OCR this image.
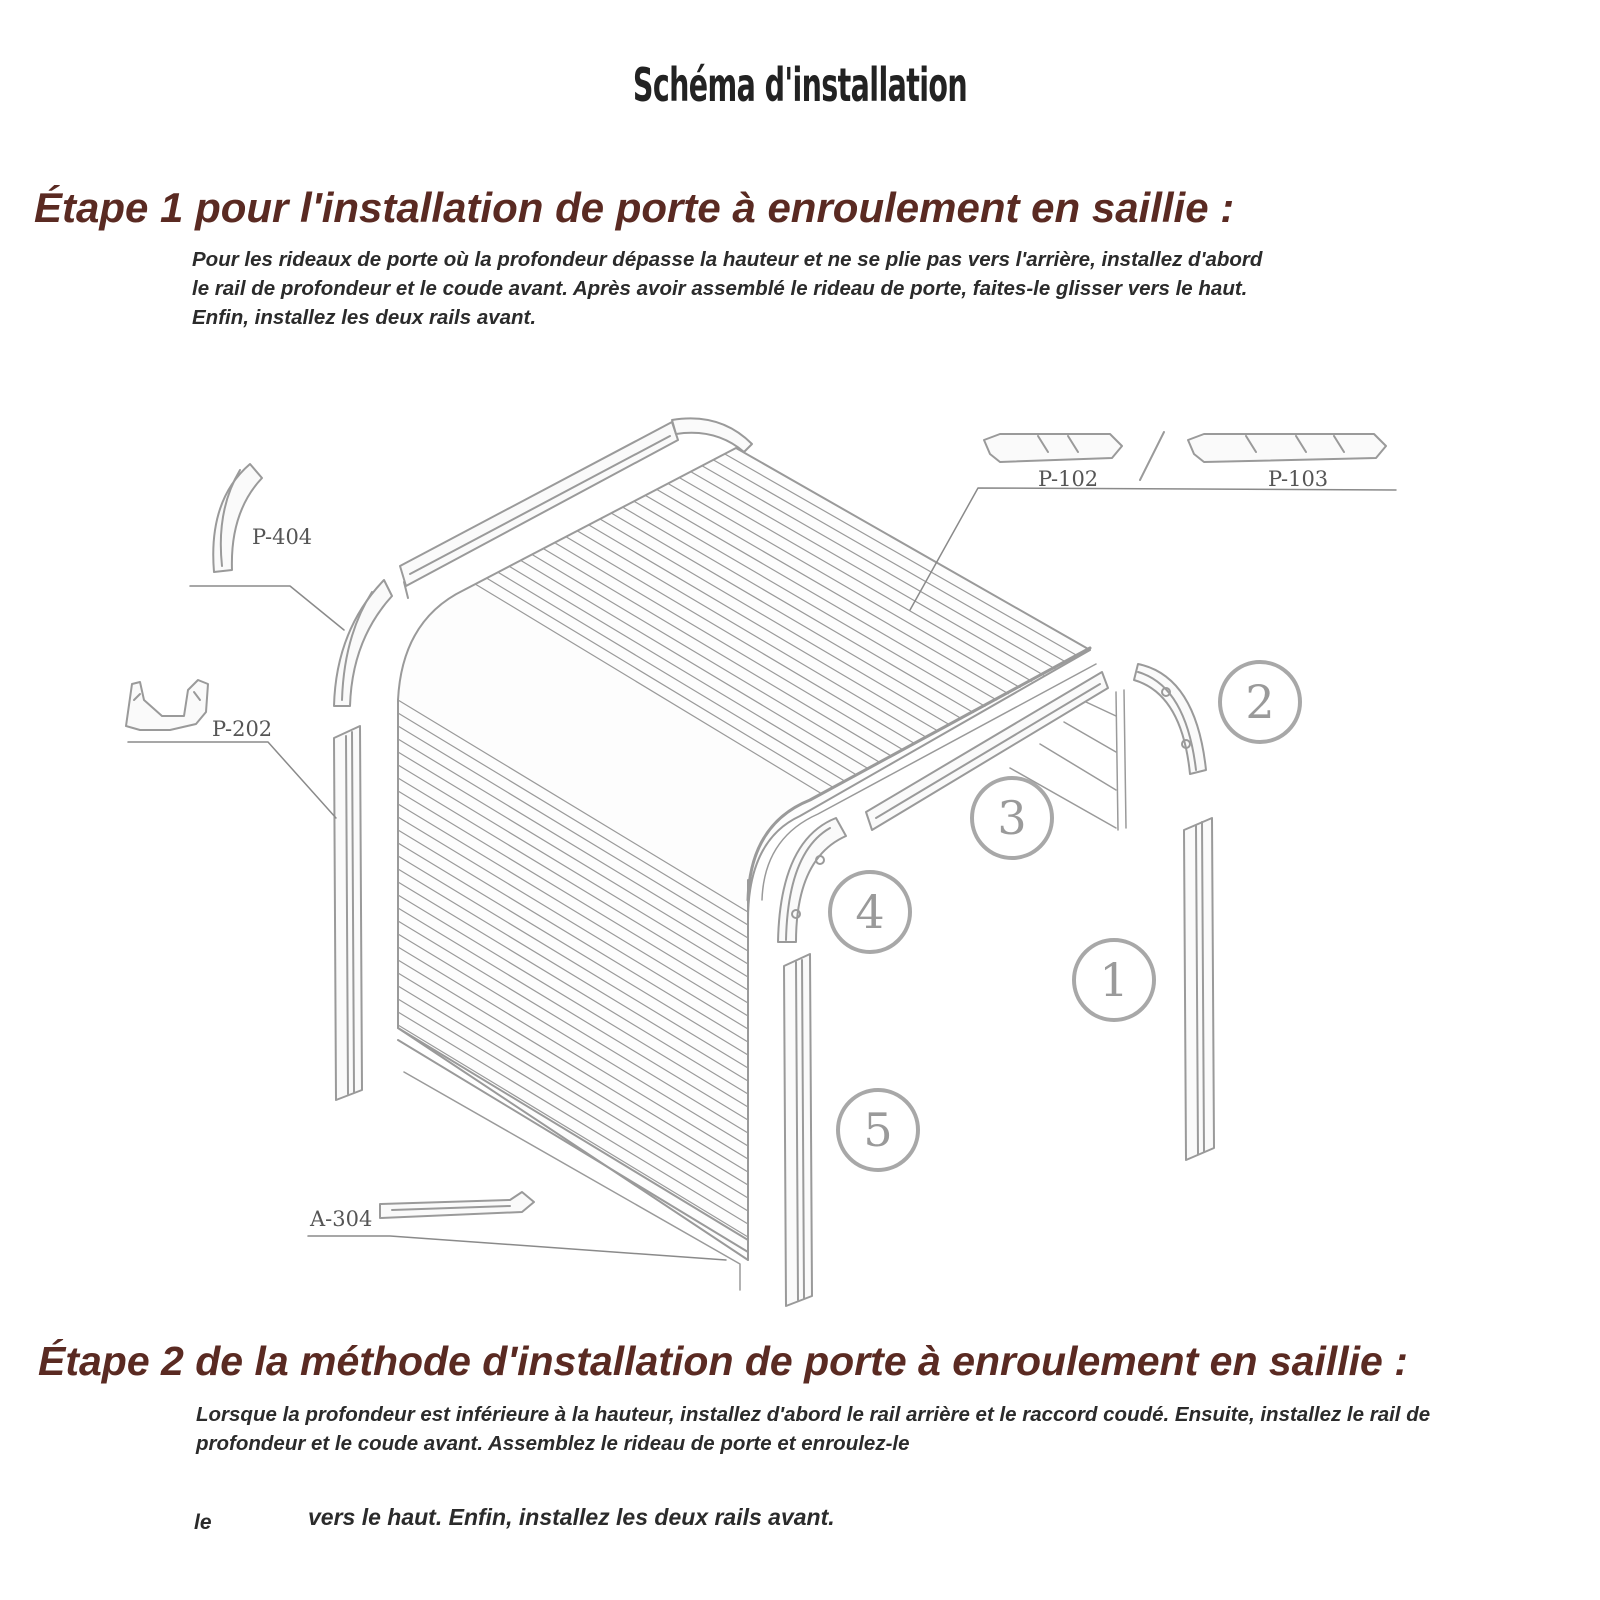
Schéma d'installation
Étape 1 pour l'installation de porte à enroulement en saillie :
Pour les rideaux de porte où la profondeur dépasse la hauteur et ne se plie pas vers l'arrière, installez d'abord
le rail de profondeur et le coude avant. Après avoir assemblé le rideau de porte, faites-le glisser vers le haut.
Enfin, installez les deux rails avant.
P-404
P-202
P-102	P-103
A-304
1
2
3
4
5
Étape 2 de la méthode d'installation de porte à enroulement en saillie :
Lorsque la profondeur est inférieure à la hauteur, installez d'abord le rail arrière et le raccord coudé. Ensuite, installez le rail de
profondeur et le coude avant. Assemblez le rideau de porte et enroulez-le
le	vers le haut. Enfin, installez les deux rails avant.
